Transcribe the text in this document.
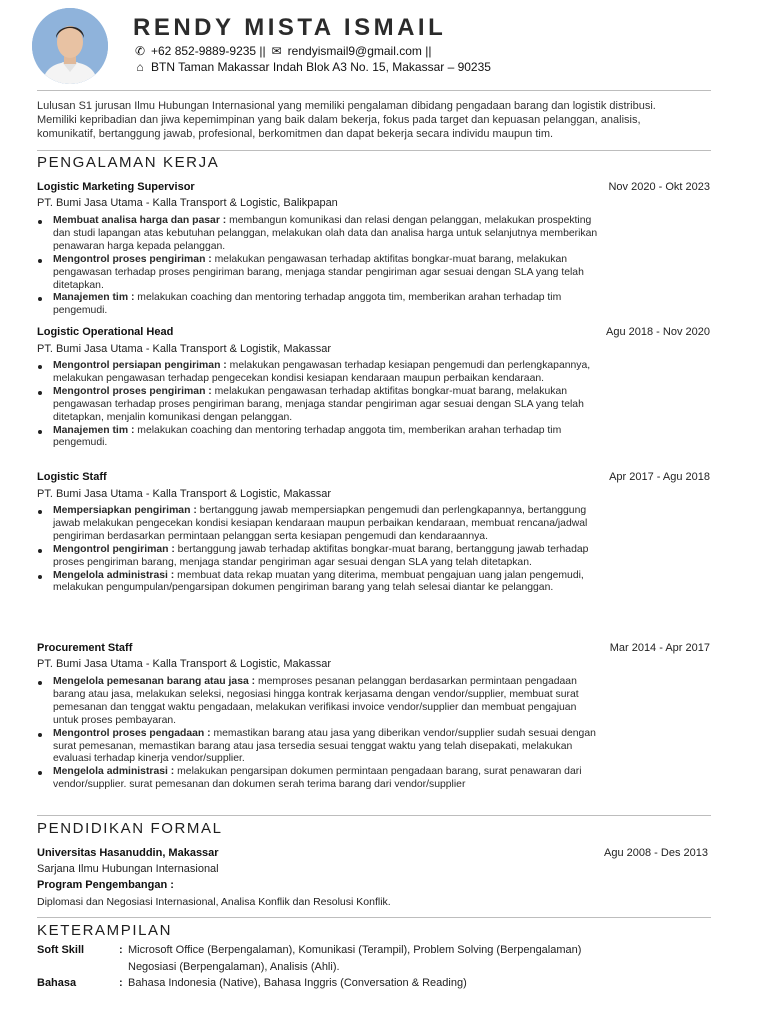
RENDY MISTA ISMAIL
✆ +62 852-9889-9235 || ✉ rendyismail9@gmail.com ||
⌂ BTN Taman Makassar Indah Blok A3 No. 15, Makassar – 90235
Lulusan S1 jurusan Ilmu Hubungan Internasional yang memiliki pengalaman dibidang pengadaan barang dan logistik distribusi.
Memiliki kepribadian dan jiwa kepemimpinan yang baik dalam bekerja, fokus pada target dan kepuasan pelanggan, analisis,
komunikatif, bertanggung jawab, profesional, berkomitmen dan dapat bekerja secara individu maupun tim.
PENGALAMAN KERJA
Logistic Marketing Supervisor	Nov 2020 - Okt 2023
PT. Bumi Jasa Utama - Kalla Transport & Logistic, Balikpapan
Membuat analisa harga dan pasar : membangun komunikasi dan relasi dengan pelanggan, melakukan prospekting dan studi lapangan atas kebutuhan pelanggan, melakukan olah data dan analisa harga untuk selanjutnya memberikan penawaran harga kepada pelanggan.
Mengontrol proses pengiriman : melakukan pengawasan terhadap aktifitas bongkar-muat barang, melakukan pengawasan terhadap proses pengiriman barang, menjaga standar pengiriman agar sesuai dengan SLA yang telah ditetapkan.
Manajemen tim : melakukan coaching dan mentoring terhadap anggota tim, memberikan arahan terhadap tim pengemudi.
Logistic Operational Head	Agu 2018 - Nov 2020
PT. Bumi Jasa Utama - Kalla Transport & Logistik, Makassar
Mengontrol persiapan pengiriman : melakukan pengawasan terhadap kesiapan pengemudi dan perlengkapannya, melakukan pengawasan terhadap pengecekan kondisi kesiapan kendaraan maupun perbaikan kendaraan.
Mengontrol proses pengiriman : melakukan pengawasan terhadap aktifitas bongkar-muat barang, melakukan pengawasan terhadap proses pengiriman barang, menjaga standar pengiriman agar sesuai dengan SLA yang telah ditetapkan, menjalin komunikasi dengan pelanggan.
Manajemen tim : melakukan coaching dan mentoring terhadap anggota tim, memberikan arahan terhadap tim pengemudi.
Logistic Staff	Apr 2017 - Agu 2018
PT. Bumi Jasa Utama - Kalla Transport & Logistic, Makassar
Mempersiapkan pengiriman : bertanggung jawab mempersiapkan pengemudi dan perlengkapannya, bertanggung jawab melakukan pengecekan kondisi kesiapan kendaraan maupun perbaikan kendaraan, membuat rencana/jadwal pengiriman berdasarkan permintaan pelanggan serta kesiapan pengemudi dan kendaraannya.
Mengontrol pengiriman : bertanggung jawab terhadap aktifitas bongkar-muat barang, bertanggung jawab terhadap proses pengiriman barang, menjaga standar pengiriman agar sesuai dengan SLA yang telah ditetapkan.
Mengelola administrasi : membuat data rekap muatan yang diterima, membuat pengajuan uang jalan pengemudi, melakukan pengumpulan/pengarsipan dokumen pengiriman barang yang telah selesai diantar ke pelanggan.
Procurement Staff	Mar 2014 - Apr 2017
PT. Bumi Jasa Utama - Kalla Transport & Logistic, Makassar
Mengelola pemesanan barang atau jasa : memproses pesanan pelanggan berdasarkan permintaan pengadaan barang atau jasa, melakukan seleksi, negosiasi hingga kontrak kerjasama dengan vendor/supplier, membuat surat pemesanan dan tenggat waktu pengadaan, melakukan verifikasi invoice vendor/supplier dan membuat pengajuan untuk proses pembayaran.
Mengontrol proses pengadaan : memastikan barang atau jasa yang diberikan vendor/supplier sudah sesuai dengan surat pemesanan, memastikan barang atau jasa tersedia sesuai tenggat waktu yang telah disepakati, melakukan evaluasi terhadap kinerja vendor/supplier.
Mengelola administrasi : melakukan pengarsipan dokumen permintaan pengadaan barang, surat penawaran dari vendor/supplier. surat pemesanan dan dokumen serah terima barang dari vendor/supplier
PENDIDIKAN FORMAL
Universitas Hasanuddin, Makassar	Agu 2008 - Des 2013
Sarjana Ilmu Hubungan Internasional
Program Pengembangan :
Diplomasi dan Negosiasi Internasional, Analisa Konflik dan Resolusi Konflik.
KETERAMPILAN
Soft Skill	: Microsoft Office (Berpengalaman), Komunikasi (Terampil), Problem Solving (Berpengalaman)
Negosiasi (Berpengalaman), Analisis (Ahli).
Bahasa	: Bahasa Indonesia (Native), Bahasa Inggris (Conversation & Reading)
